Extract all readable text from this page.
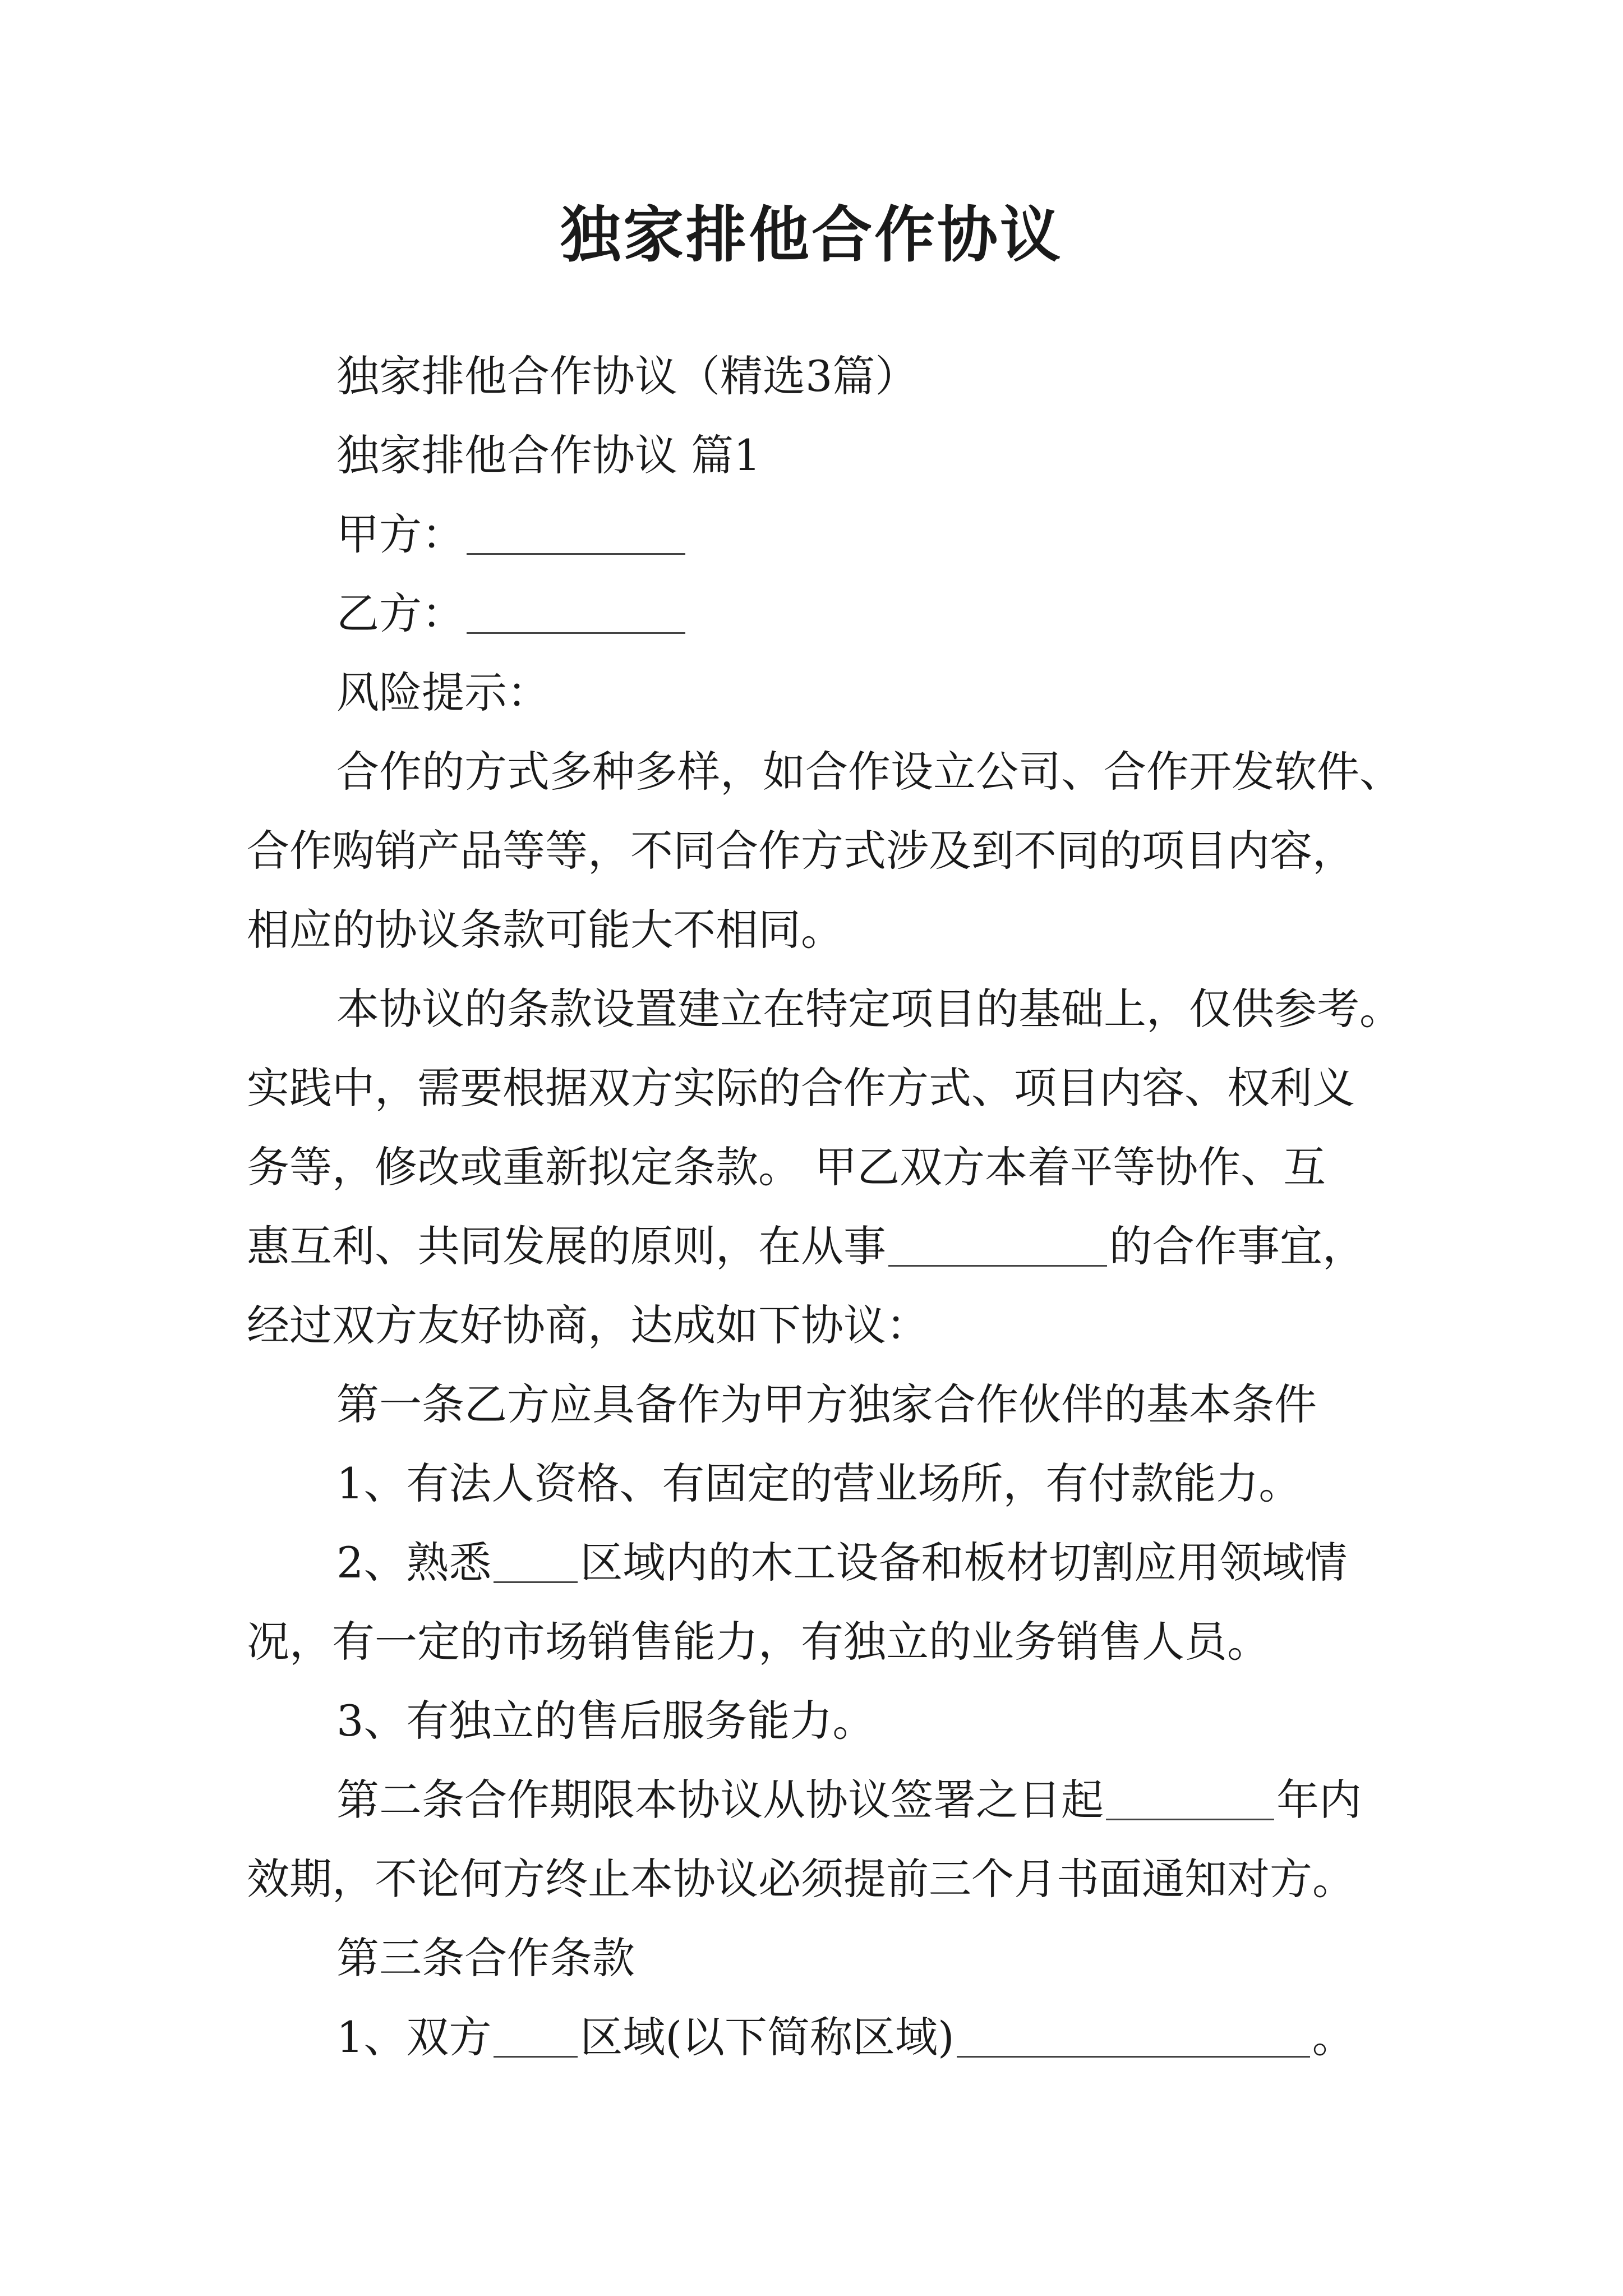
独家排他合作协议
独家排他合作协议（精选3篇）
独家排他合作协议 篇1
甲方：
乙方：
风险提示：
合作的方式多种多样，如合作设立公司、合作开发软件、
合作购销产品等等，不同合作方式涉及到不同的项目内容，
相应的协议条款可能大不相同。
本协议的条款设置建立在特定项目的基础上，仅供参考。
实践中，需要根据双方实际的合作方式、项目内容、权利义
务等，修改或重新拟定条款。 甲乙双方本着平等协作、互
惠互利、共同发展的原则，在从事	的合作事宜，
经过双方友好协商，达成如下协议：
第一条乙方应具备作为甲方独家合作伙伴的基本条件
1、有法人资格、有固定的营业场所，有付款能力。
2、熟悉 区域内的木工设备和板材切割应用领域情
况，有一定的市场销售能力，有独立的业务销售人员。
3、有独立的售后服务能力。
第二条合作期限本协议从协议签署之日起	年内
效期，不论何方终止本协议必须提前三个月书面通知对方。
第三条合作条款
1、双方 区域(以下简称区域)	。
